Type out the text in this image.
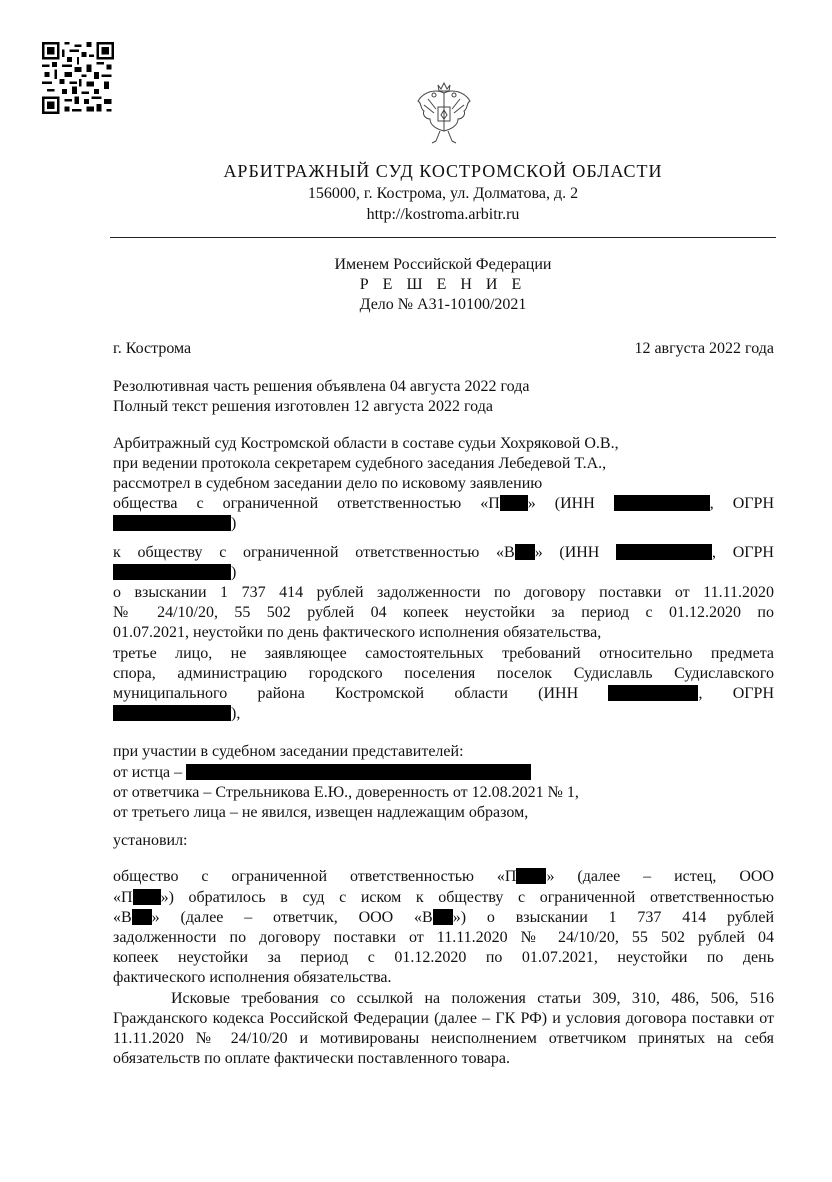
АРБИТРАЖНЫЙ СУД КОСТРОМСКОЙ ОБЛАСТИ
156000, г. Кострома, ул. Долматова, д. 2
http://kostroma.arbitr.ru
Именем Российской Федерации
Р Е Ш Е Н И Е
Дело № А31-10100/2021
г. Кострома	12 августа 2022 года
Резолютивная часть решения объявлена 04 августа 2022 года
Полный текст решения изготовлен 12 августа 2022 года
Арбитражный суд Костромской области в составе судьи Хохряковой О.В.,
при ведении протокола секретарем судебного заседания Лебедевой Т.А.,
рассмотрел в судебном заседании дело по исковому заявлению
общества с ограниченной ответственностью «П » (ИНН	, ОГРН
)
к обществу с ограниченной ответственностью «В » (ИНН	, ОГРН
)
о взыскании 1 737 414 рублей задолженности по договору поставки от 11.11.2020
№ 24/10/20, 55 502 рублей 04 копеек неустойки за период с 01.12.2020 по
01.07.2021, неустойки по день фактического исполнения обязательства,
третье лицо, не заявляющее самостоятельных требований относительно предмета
спора, администрацию городского поселения поселок Судиславль Судиславского
муниципального района Костромской области (ИНН	, ОГРН
),
при участии в судебном заседании представителей:
от истца –
от ответчика – Стрельникова Е.Ю., доверенность от 12.08.2021 № 1,
от третьего лица – не явился, извещен надлежащим образом,
установил:
общество с ограниченной ответственностью «П » (далее – истец, ООО
«П ») обратилось в суд с иском к обществу с ограниченной ответственностью
«В » (далее – ответчик, ООО «В ») о взыскании 1 737 414 рублей
задолженности по договору поставки от 11.11.2020 № 24/10/20, 55 502 рублей 04
копеек неустойки за период с 01.12.2020 по 01.07.2021, неустойки по день
фактического исполнения обязательства.
Исковые требования со ссылкой на положения статьи 309, 310, 486, 506, 516 Гражданского кодекса Российской Федерации (далее – ГК РФ) и условия договора поставки от 11.11.2020 № 24/10/20 и мотивированы неисполнением ответчиком принятых на себя обязательств по оплате фактически поставленного товара.
